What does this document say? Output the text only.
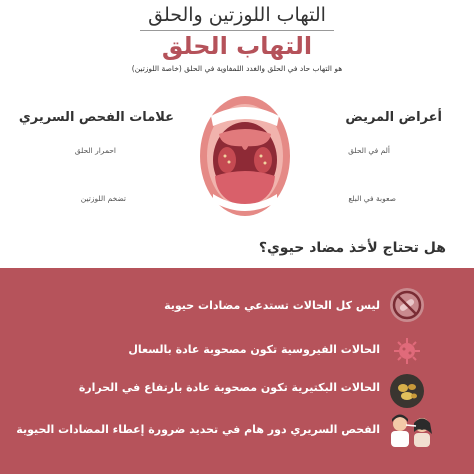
التهاب اللوزتين والحلق
التهاب الحلق
هو التهاب حاد في الحلق والغدد اللمفاوية في الحلق (خاصة اللوزتين)
علامات الفحص السريري
احمرار الحلق
تضخم اللوزتين
أعراض المريض
ألم في الحلق
صعوبة في البلع
هل تحتاج لأخذ مضاد حيوي؟
ليس كل الحالات تستدعي مضادات حيوية
الحالات الفيروسية تكون مصحوبة عادة بالسعال
الحالات البكتيرية تكون مصحوبة عادة بارتفاع في الحرارة
الفحص السريري دور هام في تحديد ضرورة إعطاء المضادات الحيوية
